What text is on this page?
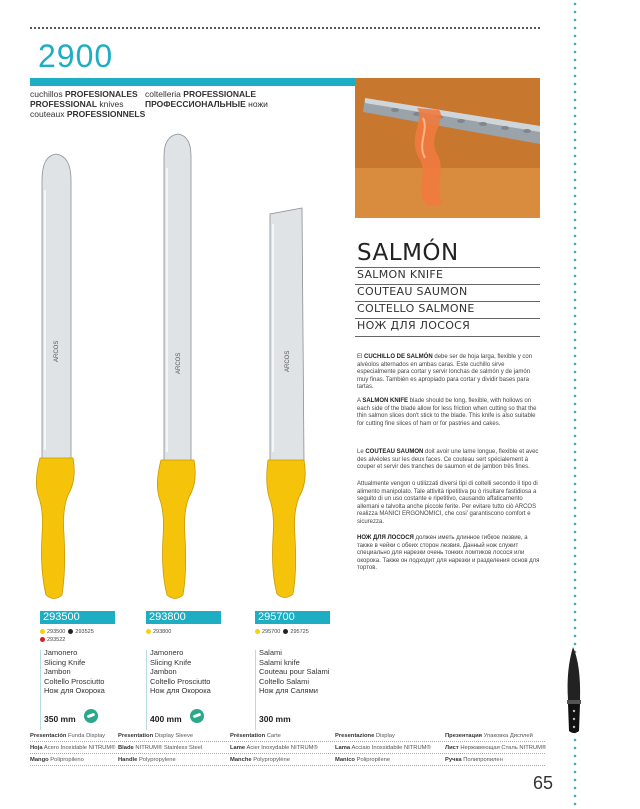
2900
cuchillos PROFESIONALES
PROFESSIONAL knives
couteaux PROFESSIONNELS
coltelleria PROFESSIONALE
ПРОФЕССИОНАЛЬНЫЕ ножи
SALMÓN
SALMON KNIFE
COUTEAU SAUMON
COLTELLO SALMONE
НОЖ ДЛЯ ЛОСОСЯ
El CUCHILLO DE SALMÓN debe ser de hoja larga, flexible y con alvéolos alternados en ambas caras. Este cuchillo sirve especialmente para cortar y servir lonchas de salmón y de jamón muy finas. También es apropiado para cortar y dividir bases para tartas.
A SALMON KNIFE blade should be long, flexible, with hollows on each side of the blade allow for less friction when cutting so that the thin salmon slices don't stick to the blade. This knife is also suitable for cutting fine slices of ham or for pastries and cakes.
Le COUTEAU SAUMON doit avoir une lame longue, flexible et avec des alvéoles sur les deux faces. Ce couteau sert spécialement à couper et servir des tranches de saumon et de jambon très fines.
Attualmente vengon o utilizzati diversi tipi di coltelli secondo il tipo di alimento manipolato. Tale attività ripetitiva pu ò risultare fastidiosa a seguito di un uso costante e ripetitivo, causando affaticamento allemani e talvolta anche piccole ferite. Per evitare tutto ciò ARCOS realizza MANICI ERGONOMICI, che cosi' garantiscono comfort e sicurezza.
НОЖ ДЛЯ ЛОСОСЯ должен иметь длинное гибкое лезвие, а также в чейки с обеих сторон лезвия. Данный нож служит специально для нарезки очень тонких ломтиков лосося или окорока. Также он подходит для нарезки и разделения основ для тортов.
ARCOS
ARCOS	ARCOS
293500
293500 293525
293522
Jamonero
Slicing Knife
Jambon
Coltello Prosciutto
Нож для Окорока
350 mm
293800
293800
Jamonero
Slicing Knife
Jambon
Coltello Prosciutto
Нож для Окорока
400 mm
295700
295700 295725
Salami
Salami knife
Couteau pour Salami
Coltello Salami
Нож для Салями
300 mm
Presentación Funda Display Presentation Display Sleeve	Présentation Carte	Presentazione Display	Презентация Упаковка Дисплей
Hoja Acero Inoxidable NITRUM® Blade NITRUM® Stainless Steel	Lame Acier Inoxydable NITRUM®	Lama Acciaio Inossidabile NITRUM® Лист Нержавеющая Сталь NITRUM®
Mango Polipropileno	Handle Polypropylene	Manche Polypropylène	Manico Polipropilene	Ручка Полипропилен
65
